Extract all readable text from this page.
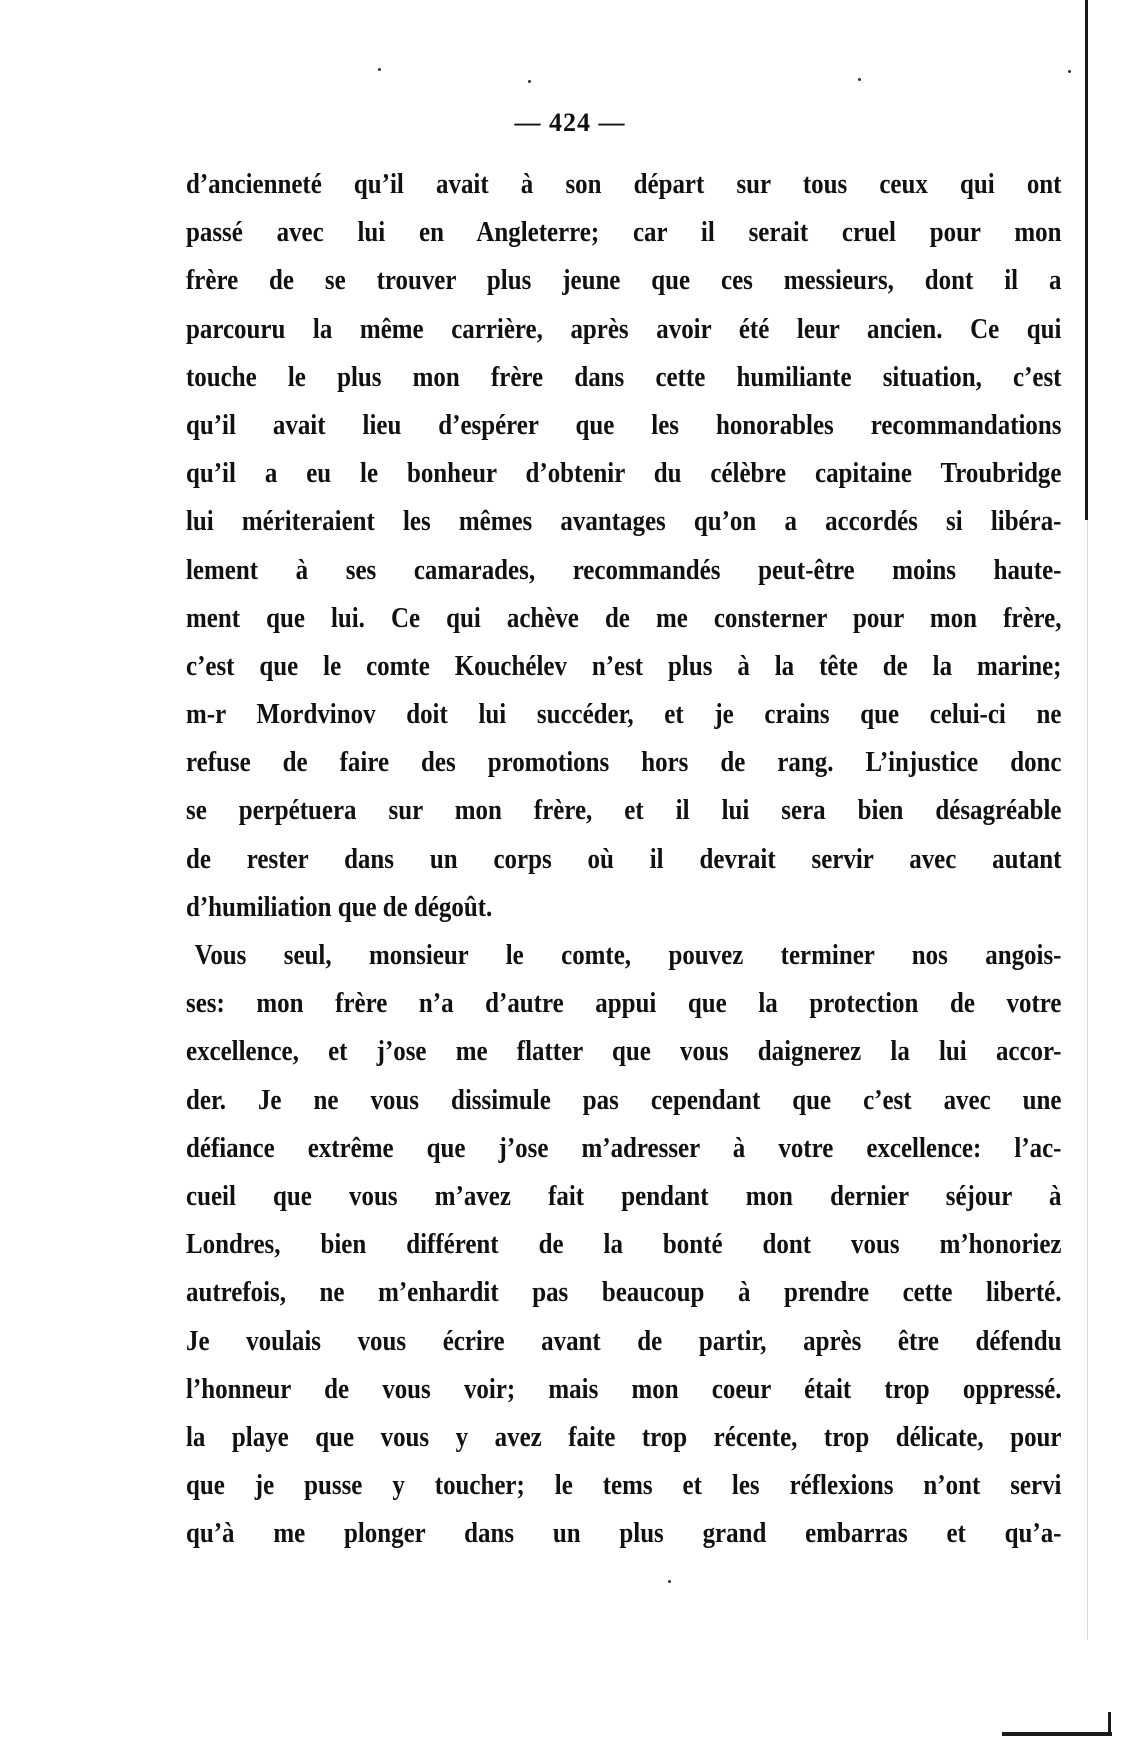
— 424 —
d’ancienneté qu’il avait à son départ sur tous ceux qui ont
passé avec lui en Angleterre; car il serait cruel pour mon
frère de se trouver plus jeune que ces messieurs, dont il a
parcouru la même carrière, après avoir été leur ancien. Ce qui
touche le plus mon frère dans cette humiliante situation, c’est
qu’il avait lieu d’espérer que les honorables recommandations
qu’il a eu le bonheur d’obtenir du célèbre capitaine Troubridge
lui mériteraient les mêmes avantages qu’on a accordés si libéra-
lement à ses camarades, recommandés peut-être moins haute-
ment que lui. Ce qui achève de me consterner pour mon frère,
c’est que le comte Kouchélev n’est plus à la tête de la marine;
m-r Mordvinov doit lui succéder, et je crains que celui-ci ne
refuse de faire des promotions hors de rang. L’injustice donc
se perpétuera sur mon frère, et il lui sera bien désagréable
de rester dans un corps où il devrait servir avec autant
d’humiliation que de dégoût.
Vous seul, monsieur le comte, pouvez terminer nos angois-
ses: mon frère n’a d’autre appui que la protection de votre
excellence, et j’ose me flatter que vous daignerez la lui accor-
der. Je ne vous dissimule pas cependant que c’est avec une
défiance extrême que j’ose m’adresser à votre excellence: l’ac-
cueil que vous m’avez fait pendant mon dernier séjour à
Londres, bien différent de la bonté dont vous m’honoriez
autrefois, ne m’enhardit pas beaucoup à prendre cette liberté.
Je voulais vous écrire avant de partir, après être défendu
l’honneur de vous voir; mais mon coeur était trop oppressé.
la playe que vous y avez faite trop récente, trop délicate, pour
que je pusse y toucher; le tems et les réflexions n’ont servi
qu’à me plonger dans un plus grand embarras et qu’a-
